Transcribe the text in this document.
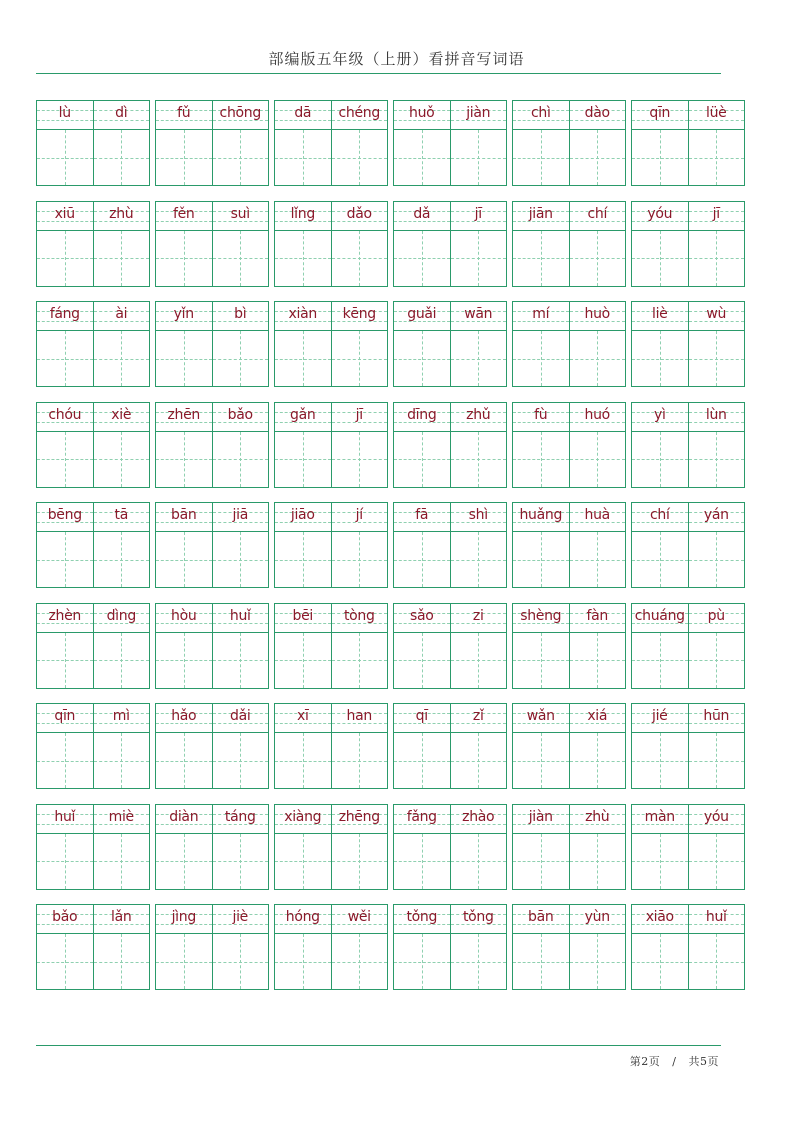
部编版五年级（上册）看拼音写词语
lù	dì	fǔ	chōng	dā	chéng	huǒ	jiàn	chì	dào	qīn	lüè
xiū	zhù	fěn	suì	lǐng	dǎo	dǎ	jī	jiān	chí	yóu	jī
fáng	ài	yǐn	bì	xiàn	kēng	guǎi	wān	mí	huò	liè	wù
chóu	xiè	zhēn	bǎo	gǎn	jī	dīng	zhǔ	fù	huó	yì	lùn
bēng	tā	bān	jiā	jiāo	jí	fā	shì	huǎng	huà	chí	yán
zhèn	dìng	hòu	huǐ	bēi	tòng	sǎo	zi	shèng	fàn	chuáng	pù
qīn	mì	hǎo	dǎi	xī	han	qī	zǐ	wǎn	xiá	jié	hūn
huǐ	miè	diàn	táng	xiàng	zhēng	fǎng	zhào	jiàn	zhù	màn	yóu
bǎo	lǎn	jìng	jiè	hóng	wěi	tǒng	tǒng	bān	yùn	xiāo	huǐ
第2页 / 共5页
